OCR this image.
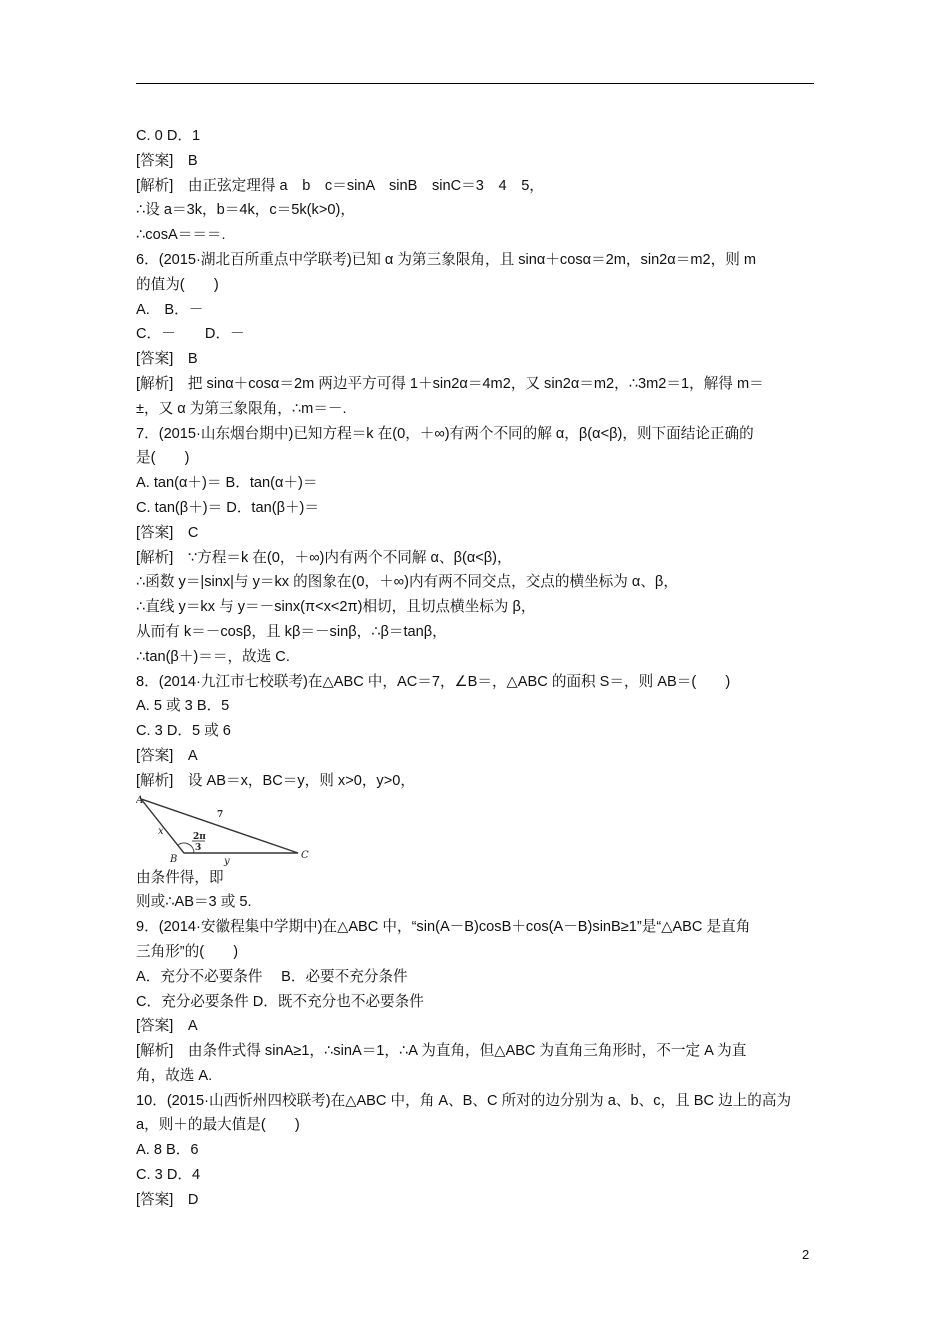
C. 0 D．1
[答案]　B
[解析]　由正弦定理得 a　b　c＝sinA　sinB　sinC＝3　4　5，
∴设 a＝3k，b＝4k，c＝5k(k>0)，
∴cosA＝＝＝.
6．(2015·湖北百所重点中学联考)已知 α 为第三象限角，且 sinα＋cosα＝2m，sin2α＝m2，则 m
的值为(　　)
A.　B．－
C．－　　D．－
[答案]　B
[解析]　把 sinα＋cosα＝2m 两边平方可得 1＋sin2α＝4m2，又 sin2α＝m2，∴3m2＝1，解得 m＝
±，又 α 为第三象限角，∴m＝－.
7．(2015·山东烟台期中)已知方程＝k 在(0，＋∞)有两个不同的解 α，β(α<β)，则下面结论正确的
是(　　)
A. tan(α＋)＝ B．tan(α＋)＝
C. tan(β＋)＝ D．tan(β＋)＝
[答案]　C
[解析]　∵方程＝k 在(0，＋∞)内有两个不同解 α、β(α<β)，
∴函数 y＝|sinx|与 y＝kx 的图象在(0，＋∞)内有两不同交点，交点的横坐标为 α、β，
∴直线 y＝kx 与 y＝－sinx(π<x<2π)相切，且切点横坐标为 β，
从而有 k＝－cosβ，且 kβ＝－sinβ，∴β＝tanβ，
∴tan(β＋)＝＝，故选 C.
8．(2014·九江市七校联考)在△ABC 中，AC＝7，∠B＝，△ABC 的面积 S＝，则 AB＝(　　)
A. 5 或 3 B．5
C. 3 D．5 或 6
[答案]　A
[解析]　设 AB＝x，BC＝y，则 x>0，y>0，
A
B	C
x
y
7
2π
3
由条件得，即
则或∴AB＝3 或 5.
9．(2014·安徽程集中学期中)在△ABC 中，“sin(A－B)cosB＋cos(A－B)sinB≥1”是“△ABC 是直角
三角形”的(　　)
A．充分不必要条件　 B．必要不充分条件
C．充分必要条件 D．既不充分也不必要条件
[答案]　A
[解析]　由条件式得 sinA≥1，∴sinA＝1，∴A 为直角，但△ABC 为直角三角形时，不一定 A 为直
角，故选 A.
10．(2015·山西忻州四校联考)在△ABC 中，角 A、B、C 所对的边分别为 a、b、c，且 BC 边上的高为
a，则＋的最大值是(　　)
A. 8 B．6
C. 3 D．4
[答案]　D
2
